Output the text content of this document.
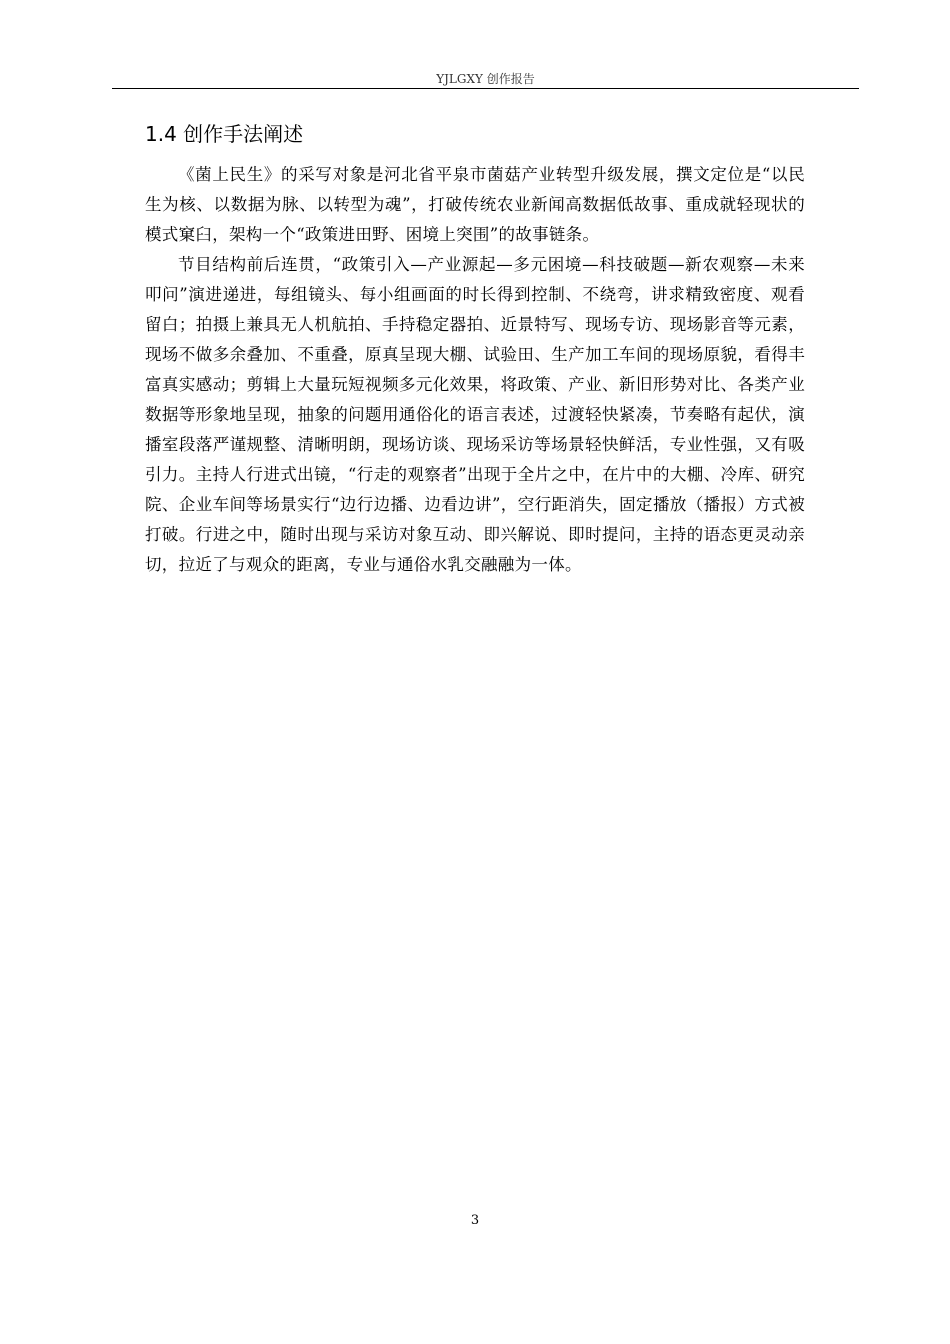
YJLGXY 创作报告
1.4 创作手法阐述

《菌上民生》的采写对象是河北省平泉市菌菇产业转型升级发展，撰文定位是“以民生为核、以数据为脉、以转型为魂”，打破传统农业新闻高数据低故事、重成就轻现状的模式窠臼，架构一个“政策进田野、困境上突围”的故事链条。

节目结构前后连贯，“政策引入—产业源起—多元困境—科技破题—新农观察—未来叩问”演进递进，每组镜头、每小组画面的时长得到控制、不绕弯，讲求精致密度、观看留白；拍摄上兼具无人机航拍、手持稳定器拍、近景特写、现场专访、现场影音等元素，现场不做多余叠加、不重叠，原真呈现大棚、试验田、生产加工车间的现场原貌，看得丰富真实感动；剪辑上大量玩短视频多元化效果，将政策、产业、新旧形势对比、各类产业数据等形象地呈现，抽象的问题用通俗化的语言表述，过渡轻快紧凑，节奏略有起伏，演播室段落严谨规整、清晰明朗，现场访谈、现场采访等场景轻快鲜活，专业性强，又有吸引力。主持人行进式出镜，“行走的观察者”出现于全片之中，在片中的大棚、冷库、研究院、企业车间等场景实行“边行边播、边看边讲”，空行距消失，固定播放（播报）方式被打破。行进之中，随时出现与采访对象互动、即兴解说、即时提问，主持的语态更灵动亲切，拉近了与观众的距离，专业与通俗水乳交融融为一体。

3
